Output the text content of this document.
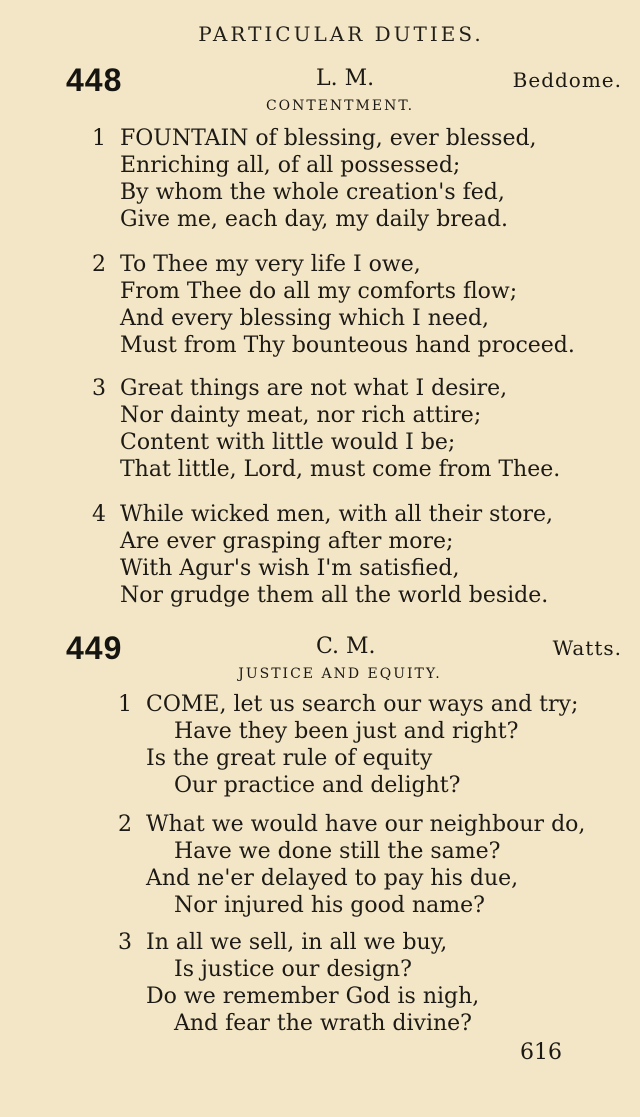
PARTICULAR DUTIES.
448	L. M.	Beddome.
CONTENTMENT.
1 FOUNTAIN of blessing, ever blessed,
Enriching all, of all possessed;
By whom the whole creation's fed,
Give me, each day, my daily bread.
2 To Thee my very life I owe,
From Thee do all my comforts flow;
And every blessing which I need,
Must from Thy bounteous hand proceed.
3 Great things are not what I desire,
Nor dainty meat, nor rich attire;
Content with little would I be;
That little, Lord, must come from Thee.
4 While wicked men, with all their store,
Are ever grasping after more;
With Agur's wish I'm satisfied,
Nor grudge them all the world beside.
449	C. M.	Watts.
JUSTICE AND EQUITY.
1 COME, let us search our ways and try;
Have they been just and right?
Is the great rule of equity
Our practice and delight?
2 What we would have our neighbour do,
Have we done still the same?
And ne'er delayed to pay his due,
Nor injured his good name?
3 In all we sell, in all we buy,
Is justice our design?
Do we remember God is nigh,
And fear the wrath divine?
616
